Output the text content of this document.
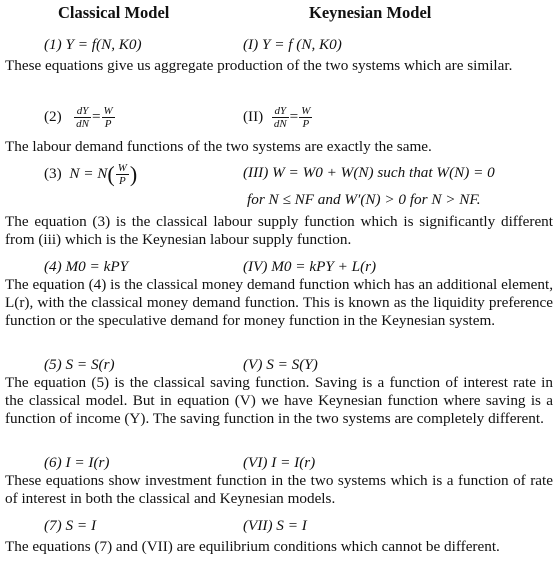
Classical Model	Keynesian Model
(1) Y = f(N, K0)	(I) Y = f (N, K0)
These equations give us aggregate production of the two systems which are similar.
$(2) \frac{dY}{dN} = \frac{W}{P}$	$(II) \frac{dY}{dN} = \frac{W}{P}$
The labour demand functions of the two systems are exactly the same.
(3) $N = N( \frac{W}{P}$ )	(III) W = W0 + W(N) such that W(N) = 0
for N ≤ NF and W′(N) > 0 for N > NF.
The equation (3) is the classical labour supply function which is significantly different from (iii) which is the Keynesian labour supply function.
(4) M0 = kPY	(IV) M0 = kPY + L(r)
The equation (4) is the classical money demand function which has an additional element, L(r), with the classical money demand function. This is known as the liquidity preference function or the speculative demand for money function in the Keynesian system.
(5) S = S(r)	(V) S = S(Y)
The equation (5) is the classical saving function. Saving is a function of interest rate in the classical model. But in equation (V) we have Keynesian function where saving is a function of income (Y). The saving function in the two systems are completely different.
(6) I = I(r)	(VI) I = I(r)
These equations show investment function in the two systems which is a function of rate of interest in both the classical and Keynesian models.
(7) S = I	(VII) S = I
The equations (7) and (VII) are equilibrium conditions which cannot be different.
